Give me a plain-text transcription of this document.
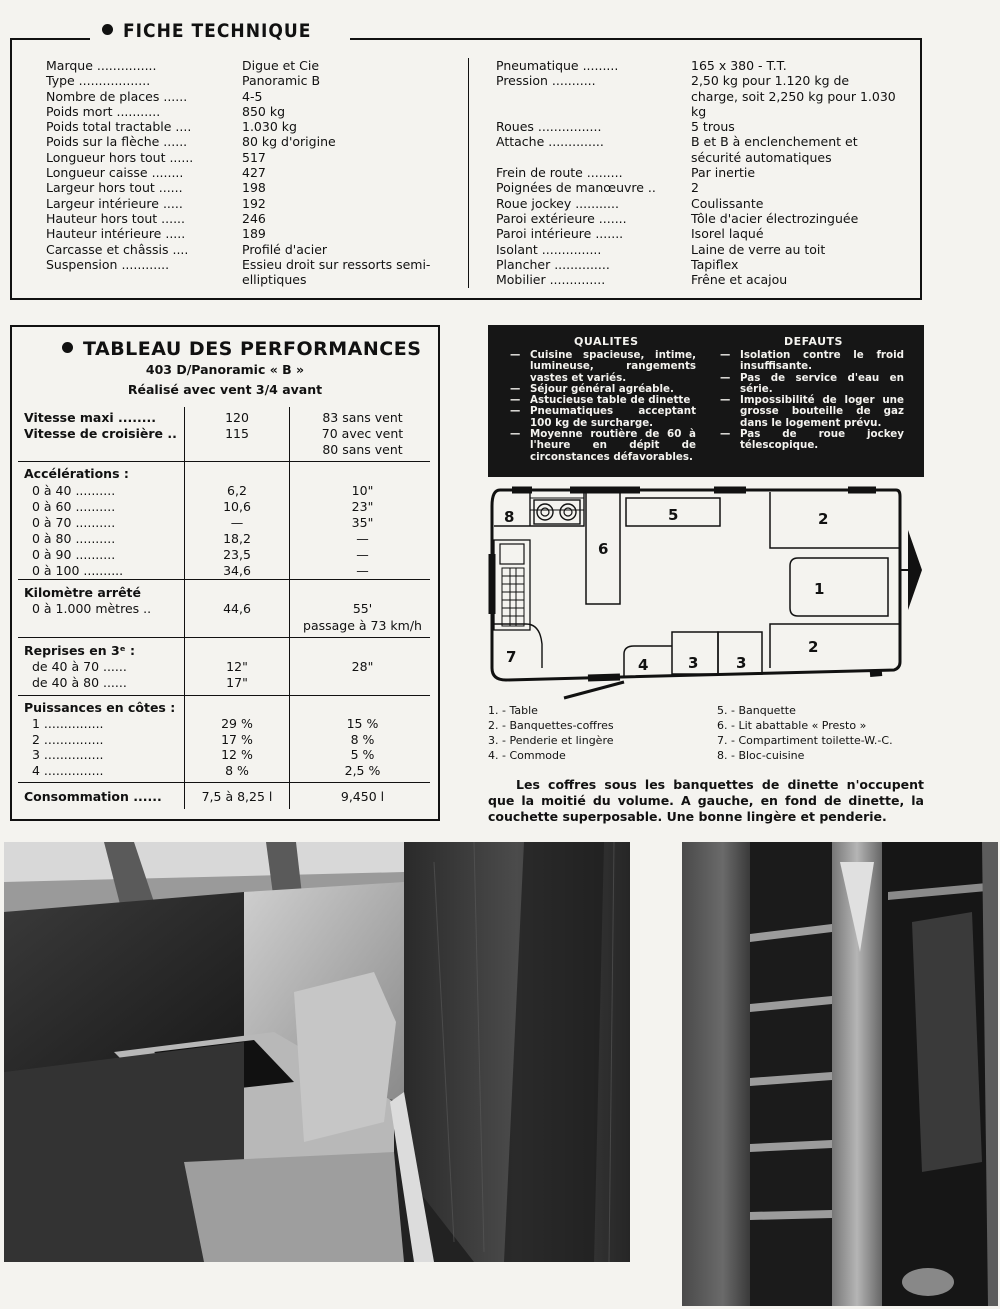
FICHE TECHNIQUE
Marque ...............	Digue et Cie
Type ..................	Panoramic B
Nombre de places ......	4-5
Poids mort ...........	850 kg
Poids total tractable ....	1.030 kg
Poids sur la flèche ......	80 kg d'origine
Longueur hors tout ......	517
Longueur caisse ........	427
Largeur hors tout ......	198
Largeur intérieure .....	192
Hauteur hors tout ......	246
Hauteur intérieure .....	189
Carcasse et châssis ....	Profilé d'acier
Suspension ............	Essieu droit sur ressorts semi-elliptiques
Pneumatique .........	165 x 380 - T.T.
Pression ...........	2,50 kg pour 1.120 kg de charge, soit 2,250 kg pour 1.030 kg
Roues ................	5 trous
Attache ..............	B et B à enclenchement et sécurité automatiques
Frein de route .........	Par inertie
Poignées de manœuvre ..	2
Roue jockey ...........	Coulissante
Paroi extérieure .......	Tôle d'acier électrozinguée
Paroi intérieure .......	Isorel laqué
Isolant ...............	Laine de verre au toit
Plancher ..............	Tapiflex
Mobilier ..............	Frêne et acajou
TABLEAU DES PERFORMANCES
403 D/Panoramic « B »
Réalisé avec vent 3/4 avant
Vitesse maxi ........	120	83 sans vent
Vitesse de croisière ..	115	70 avec vent
80 sans vent
Accélérations :
0 à 40 ..........	6,2	10"
0 à 60 ..........	10,6	23"
0 à 70 ..........	—	35"
0 à 80 ..........	18,2	—
0 à 90 ..........	23,5	—
0 à 100 ..........	34,6	—
Kilomètre arrêté
0 à 1.000 mètres ..	44,6	55'
passage à 73 km/h
Reprises en 3ᵉ :
de 40 à 70 ......	12"	28"
de 40 à 80 ......	17"
Puissances en côtes :
1 ...............	29 %	15 %
2 ...............	17 %	8 %
3 ...............	12 %	5 %
4 ...............	8 %	2,5 %
Consommation ......	7,5 à 8,25 l	9,450 l
QUALITES	DEFAUTS
— Cuisine spacieuse, intime, lumineuse, rangements vastes et variés.
— Séjour général agréable.
— Astucieuse table de dinette
— Pneumatiques acceptant 100 kg de surcharge.
— Moyenne routière de 60 à l'heure en dépit de circonstances défavorables.
— Isolation contre le froid insuffisante.
— Pas de service d'eau en série.
— Impossibilité de loger une grosse bouteille de gaz dans le logement prévu.
— Pas de roue jockey télescopique.
1
2
2
3	3
4
5
6
7
8
1. - Table
2. - Banquettes-coffres
3. - Penderie et lingère
4. - Commode
5. - Banquette
6. - Lit abattable « Presto »
7. - Compartiment toilette-W.-C.
8. - Bloc-cuisine
Les coffres sous les banquettes de dinette n'occupent que la moitié du volume. A gauche, en fond de dinette, la couchette superposable. Une bonne lingère et penderie.
